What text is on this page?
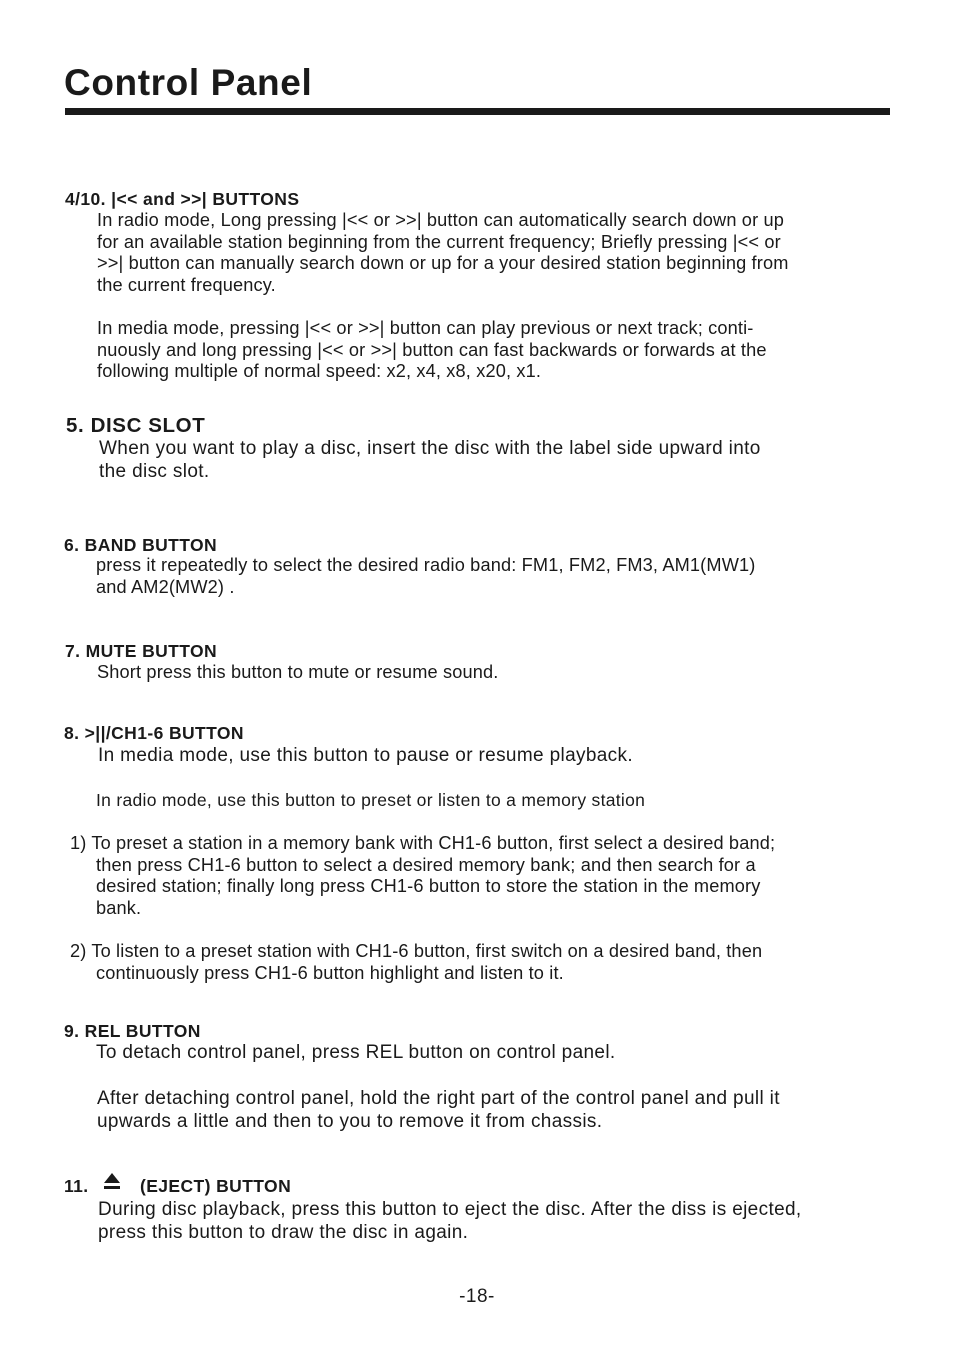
Control Panel
4/10. |<< and >>| BUTTONS
In radio mode, Long pressing |<< or >>| button can automatically search down or up
for an available station beginning from the current frequency; Briefly pressing |<< or
>>| button can manually search down or up for a your desired station beginning from
the current frequency.
In media mode, pressing |<< or >>| button can play previous or next track; conti-
nuously and long pressing |<< or >>| button can fast backwards or forwards at the
following multiple of normal speed: x2, x4, x8, x20, x1.
5. DISC SLOT
When you want to play a disc, insert the disc with the label side upward into
the disc slot.
6. BAND BUTTON
press it repeatedly to select the desired radio band: FM1, FM2, FM3, AM1(MW1)
and AM2(MW2) .
7. MUTE BUTTON
Short press this button to mute or resume sound.
8. >||/CH1-6 BUTTON
In media mode, use this button to pause or resume playback.
In radio mode, use this button to preset or listen to a memory station
1) To preset a station in a memory bank with CH1-6 button, first select a desired band;
then press CH1-6 button to select a desired memory bank; and then search for a
desired station; finally long press CH1-6 button to store the station in the memory
bank.
2) To listen to a preset station with CH1-6 button, first switch on a desired band, then
continuously press CH1-6 button highlight and listen to it.
9. REL BUTTON
To detach control panel, press REL button on control panel.
After detaching control panel, hold the right part of the control panel and pull it
upwards a little and then to you to remove it from chassis.
11.	(EJECT) BUTTON
During disc playback, press this button to eject the disc. After the diss is ejected,
press this button to draw the disc in again.
-18-
